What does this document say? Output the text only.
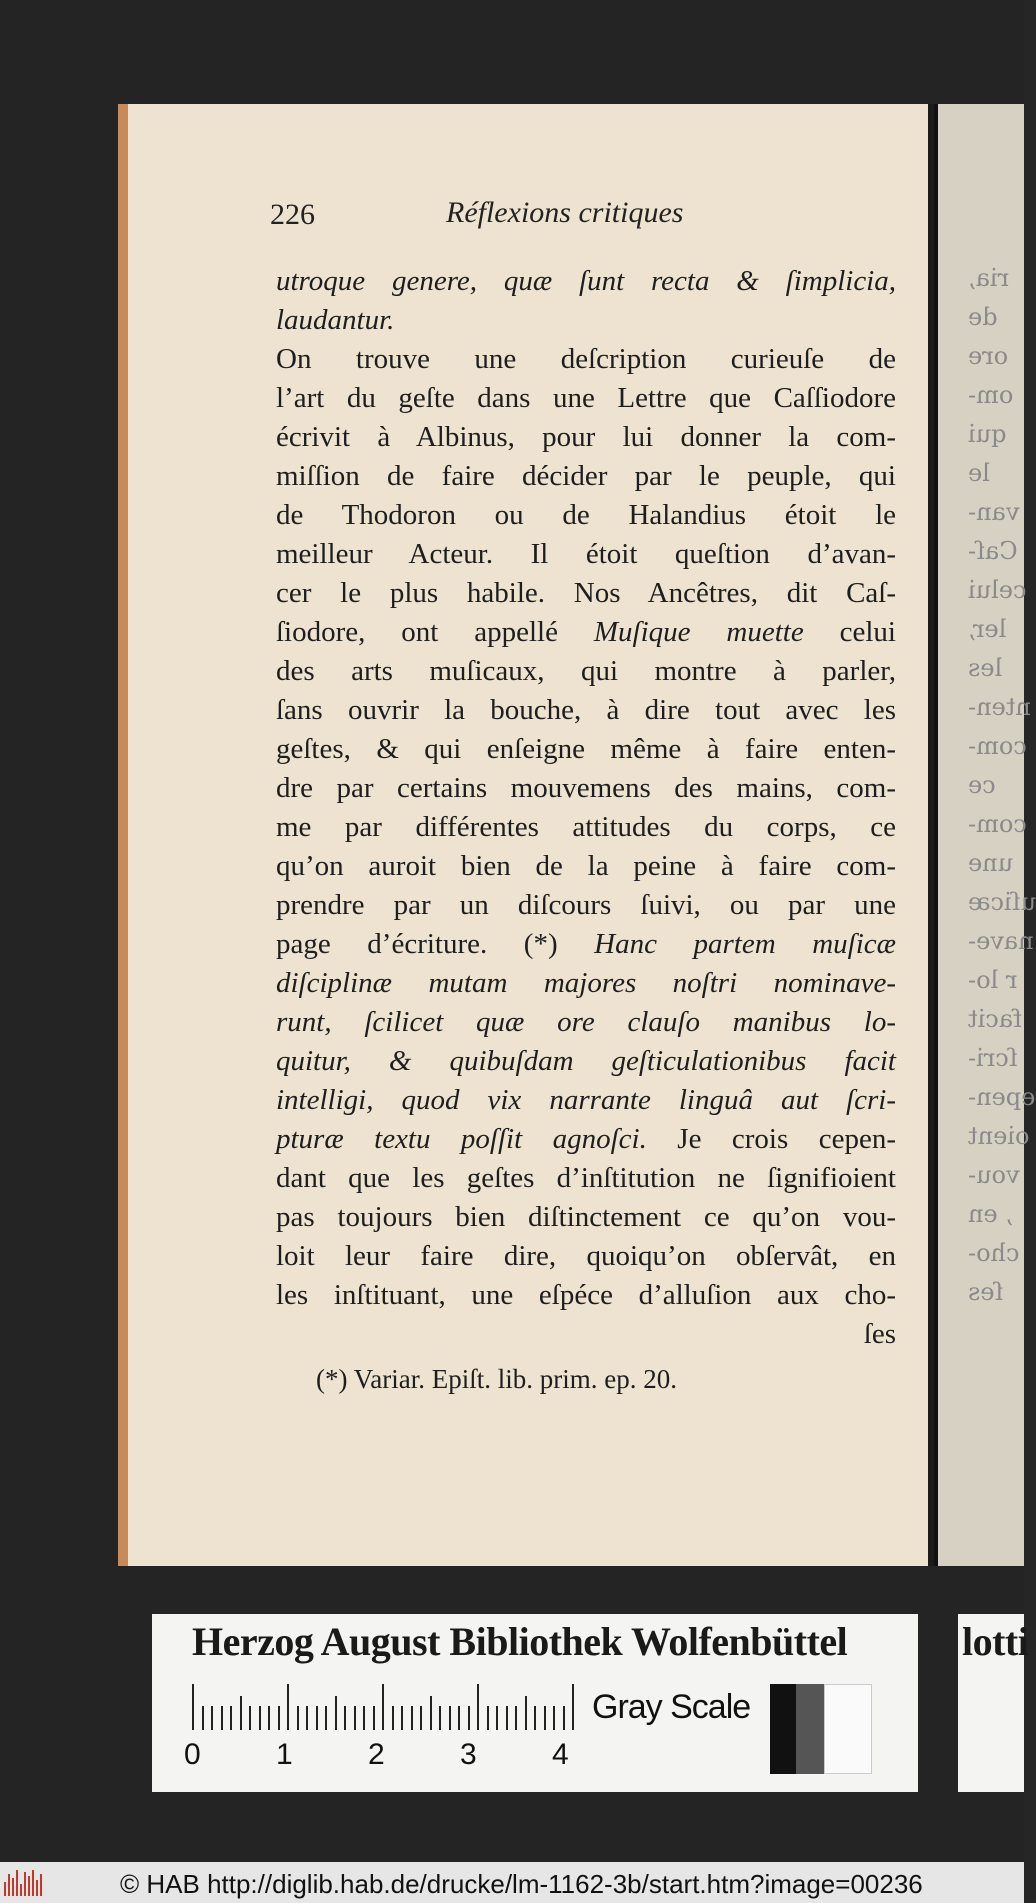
ria,
de
ore
om-
qui
le
van-
Caſ-
celui
ler,
les
nten-
com-
ce
com-
une
uſicæ
nave-
r lo-
facit
ſcri-
epen-
oient
vou-
, en
cho-
ſes
226	Réflexions critiques
utroque genere, quæ ſunt recta & ſimplicia,
laudantur.
On trouve une deſcription curieuſe de
l’art du geſte dans une Lettre que Caſſiodore
écrivit à Albinus, pour lui donner la com-
miſſion de faire décider par le peuple, qui
de Thodoron ou de Halandius étoit le
meilleur Acteur. Il étoit queſtion d’avan-
cer le plus habile. Nos Ancêtres, dit Caſ-
ſiodore, ont appellé Muſique muette celui
des arts muſicaux, qui montre à parler,
ſans ouvrir la bouche, à dire tout avec les
geſtes, & qui enſeigne même à faire enten-
dre par certains mouvemens des mains, com-
me par différentes attitudes du corps, ce
qu’on auroit bien de la peine à faire com-
prendre par un diſcours ſuivi, ou par une
page d’écriture. (*) Hanc partem muſicæ
diſciplinæ mutam majores noſtri nominave-
runt, ſcilicet quæ ore clauſo manibus lo-
quitur, & quibuſdam geſticulationibus facit
intelligi, quod vix narrante linguâ aut ſcri-
pturæ textu poſſit agnoſci. Je crois cepen-
dant que les geſtes d’inſtitution ne ſignifioient
pas toujours bien diſtinctement ce qu’on vou-
loit leur faire dire, quoiqu’on obſervât, en
les inſtituant, une eſpéce d’alluſion aux cho-
ſes
(*) Variar. Epiſt. lib. prim. ep. 20.
Herzog August Bibliothek Wolfenbüttel
0	1	2	3	4
Gray Scale
lotti
© HAB http://diglib.hab.de/drucke/lm-1162-3b/start.htm?image=00236
